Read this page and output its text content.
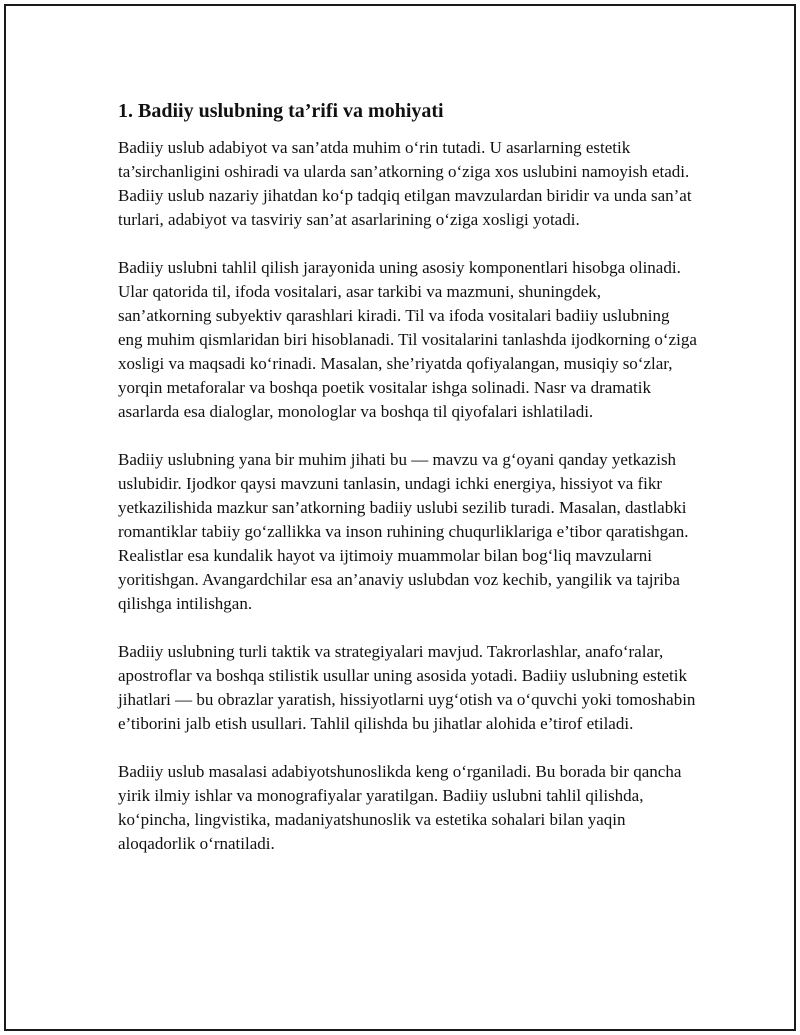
1. Badiiy uslubning ta’rifi va mohiyati

Badiiy uslub adabiyot va san’atda muhim o‘rin tutadi. U asarlarning estetik ta’sirchanligini oshiradi va ularda san’atkorning o‘ziga xos uslubini namoyish etadi. Badiiy uslub nazariy jihatdan ko‘p tadqiq etilgan mavzulardan biridir va unda san’at turlari, adabiyot va tasviriy san’at asarlarining o‘ziga xosligi yotadi.

Badiiy uslubni tahlil qilish jarayonida uning asosiy komponentlari hisobga olinadi. Ular qatorida til, ifoda vositalari, asar tarkibi va mazmuni, shuningdek, san’atkorning subyektiv qarashlari kiradi. Til va ifoda vositalari badiiy uslubning eng muhim qismlaridan biri hisoblanadi. Til vositalarini tanlashda ijodkorning o‘ziga xosligi va maqsadi ko‘rinadi. Masalan, she’riyatda qofiyalangan, musiqiy so‘zlar, yorqin metaforalar va boshqa poetik vositalar ishga solinadi. Nasr va dramatik asarlarda esa dialoglar, monologlar va boshqa til qiyofalari ishlatiladi.

Badiiy uslubning yana bir muhim jihati bu — mavzu va g‘oyani qanday yetkazish uslubidir. Ijodkor qaysi mavzuni tanlasin, undagi ichki energiya, hissiyot va fikr yetkazilishida mazkur san’atkorning badiiy uslubi sezilib turadi. Masalan, dastlabki romantiklar tabiiy go‘zallikka va inson ruhining chuqurliklariga e’tibor qaratishgan. Realistlar esa kundalik hayot va ijtimoiy muammolar bilan bog‘liq mavzularni yoritishgan. Avangardchilar esa an’anaviy uslubdan voz kechib, yangilik va tajriba qilishga intilishgan.

Badiiy uslubning turli taktik va strategiyalari mavjud. Takrorlashlar, anafo‘ralar, apostroflar va boshqa stilistik usullar uning asosida yotadi. Badiiy uslubning estetik jihatlari — bu obrazlar yaratish, hissiyotlarni uyg‘otish va o‘quvchi yoki tomoshabin e’tiborini jalb etish usullari. Tahlil qilishda bu jihatlar alohida e’tirof etiladi.

Badiiy uslub masalasi adabiyotshunoslikda keng o‘rganiladi. Bu borada bir qancha yirik ilmiy ishlar va monografiyalar yaratilgan. Badiiy uslubni tahlil qilishda, ko‘pincha, lingvistika, madaniyatshunoslik va estetika sohalari bilan yaqin aloqadorlik o‘rnatiladi.
